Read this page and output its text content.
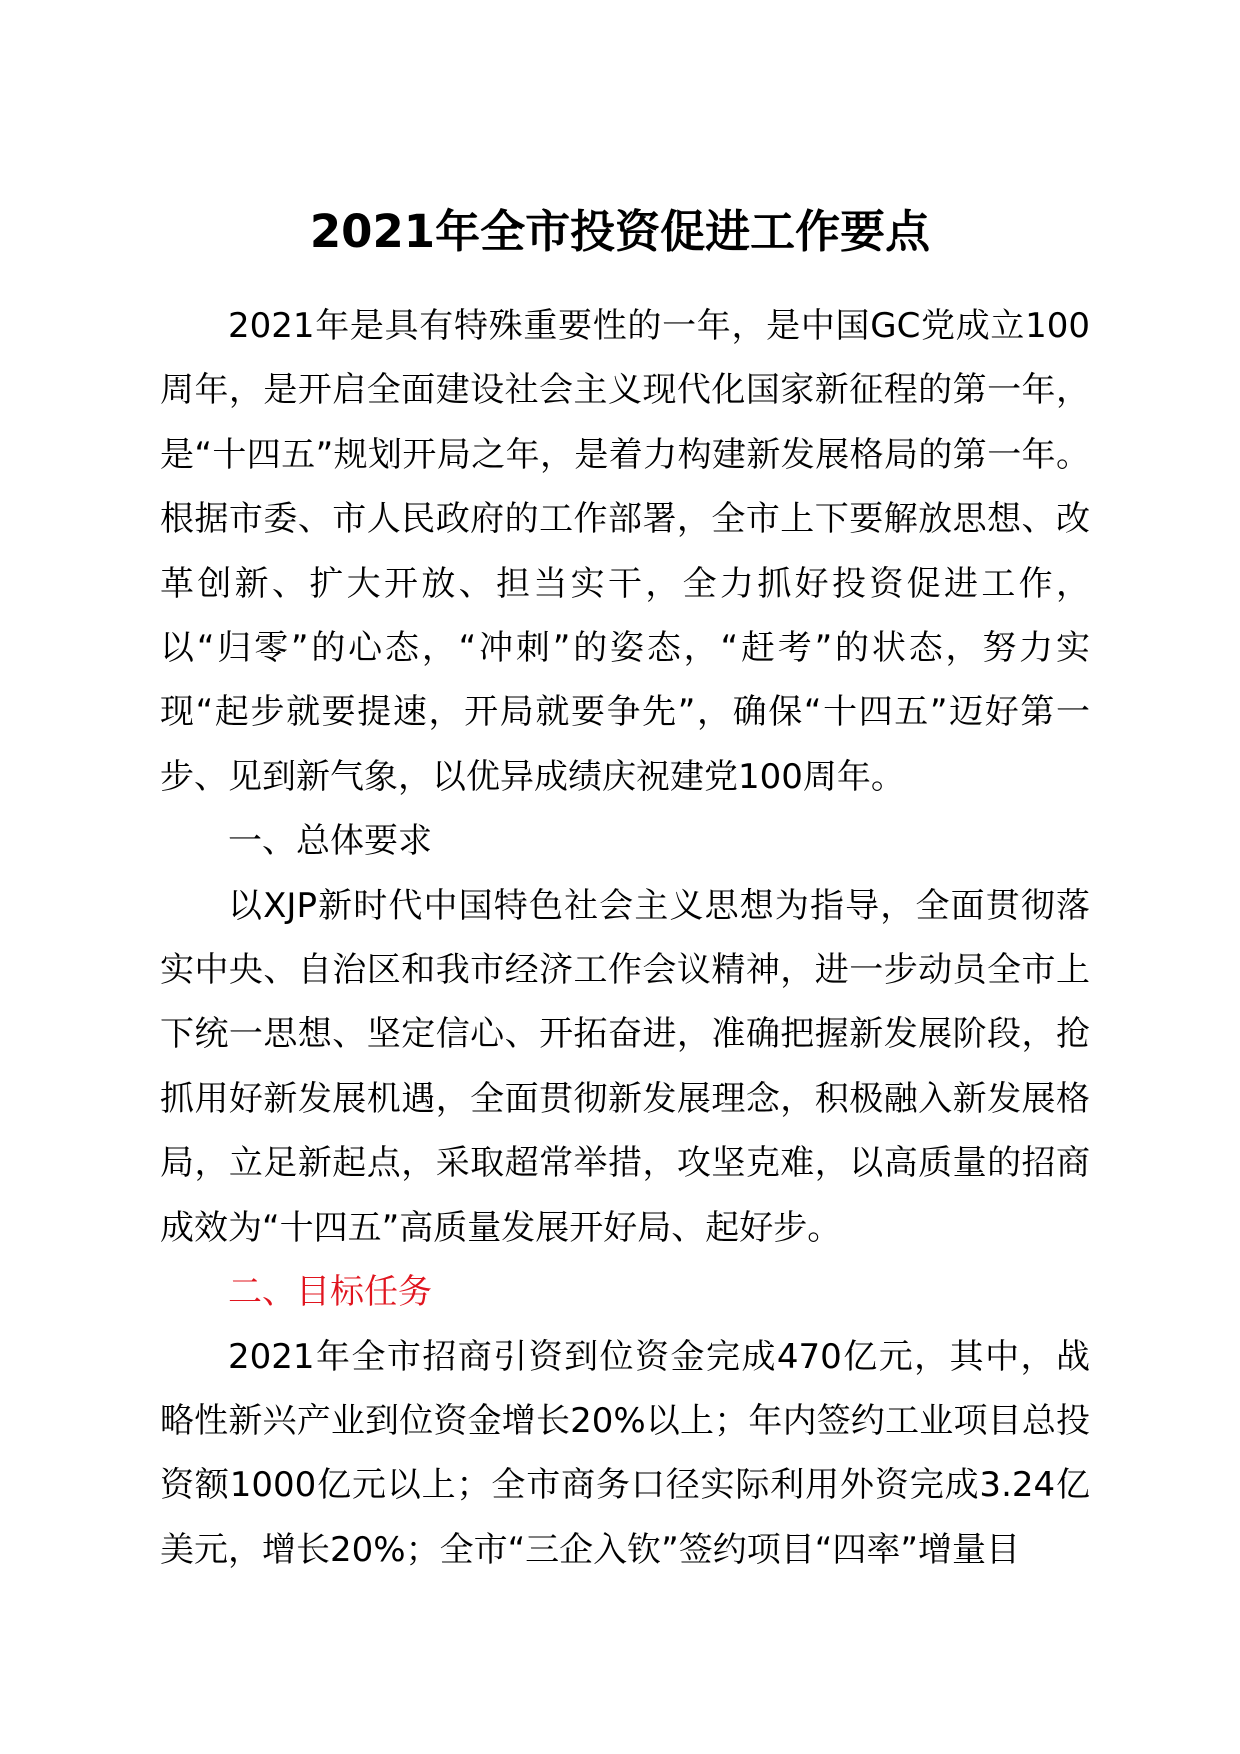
2021年全市投资促进工作要点

2021年是具有特殊重要性的一年，是中国GC党成立100周年，是开启全面建设社会主义现代化国家新征程的第一年，是“十四五”规划开局之年，是着力构建新发展格局的第一年。根据市委、市人民政府的工作部署，全市上下要解放思想、改革创新、扩大开放、担当实干，全力抓好投资促进工作，以“归零”的心态，“冲刺”的姿态，“赶考”的状态，努力实现“起步就要提速，开局就要争先”，确保“十四五”迈好第一步、见到新气象，以优异成绩庆祝建党100周年。

一、总体要求

以XJP新时代中国特色社会主义思想为指导，全面贯彻落实中央、自治区和我市经济工作会议精神，进一步动员全市上下统一思想、坚定信心、开拓奋进，准确把握新发展阶段，抢抓用好新发展机遇，全面贯彻新发展理念，积极融入新发展格局，立足新起点，采取超常举措，攻坚克难，以高质量的招商成效为“十四五”高质量发展开好局、起好步。

二、目标任务

2021年全市招商引资到位资金完成470亿元，其中，战略性新兴产业到位资金增长20%以上；年内签约工业项目总投资额1000亿元以上；全市商务口径实际利用外资完成3.24亿美元，增长20%；全市“三企入钦”签约项目“四率”增量目
